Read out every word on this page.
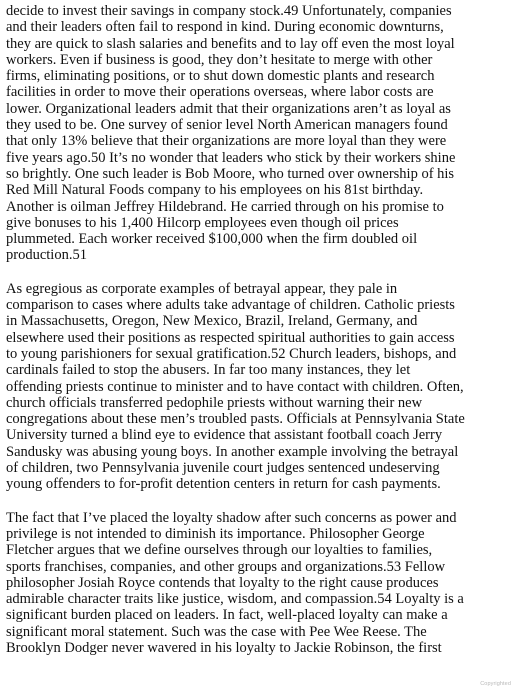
decide to invest their savings in company stock.49 Unfortunately, companies
and their leaders often fail to respond in kind. During economic downturns,
they are quick to slash salaries and benefits and to lay off even the most loyal
workers. Even if business is good, they don’t hesitate to merge with other
firms, eliminating positions, or to shut down domestic plants and research
facilities in order to move their operations overseas, where labor costs are
lower. Organizational leaders admit that their organizations aren’t as loyal as
they used to be. One survey of senior level North American managers found
that only 13% believe that their organizations are more loyal than they were
five years ago.50 It’s no wonder that leaders who stick by their workers shine
so brightly. One such leader is Bob Moore, who turned over ownership of his
Red Mill Natural Foods company to his employees on his 81st birthday.
Another is oilman Jeffrey Hildebrand. He carried through on his promise to
give bonuses to his 1,400 Hilcorp employees even though oil prices
plummeted. Each worker received $100,000 when the firm doubled oil
production.51

As egregious as corporate examples of betrayal appear, they pale in
comparison to cases where adults take advantage of children. Catholic priests
in Massachusetts, Oregon, New Mexico, Brazil, Ireland, Germany, and
elsewhere used their positions as respected spiritual authorities to gain access
to young parishioners for sexual gratification.52 Church leaders, bishops, and
cardinals failed to stop the abusers. In far too many instances, they let
offending priests continue to minister and to have contact with children. Often,
church officials transferred pedophile priests without warning their new
congregations about these men’s troubled pasts. Officials at Pennsylvania State
University turned a blind eye to evidence that assistant football coach Jerry
Sandusky was abusing young boys. In another example involving the betrayal
of children, two Pennsylvania juvenile court judges sentenced undeserving
young offenders to for-profit detention centers in return for cash payments.

The fact that I’ve placed the loyalty shadow after such concerns as power and
privilege is not intended to diminish its importance. Philosopher George
Fletcher argues that we define ourselves through our loyalties to families,
sports franchises, companies, and other groups and organizations.53 Fellow
philosopher Josiah Royce contends that loyalty to the right cause produces
admirable character traits like justice, wisdom, and compassion.54 Loyalty is a
significant burden placed on leaders. In fact, well-placed loyalty can make a
significant moral statement. Such was the case with Pee Wee Reese. The
Brooklyn Dodger never wavered in his loyalty to Jackie Robinson, the first

Copyrighted
